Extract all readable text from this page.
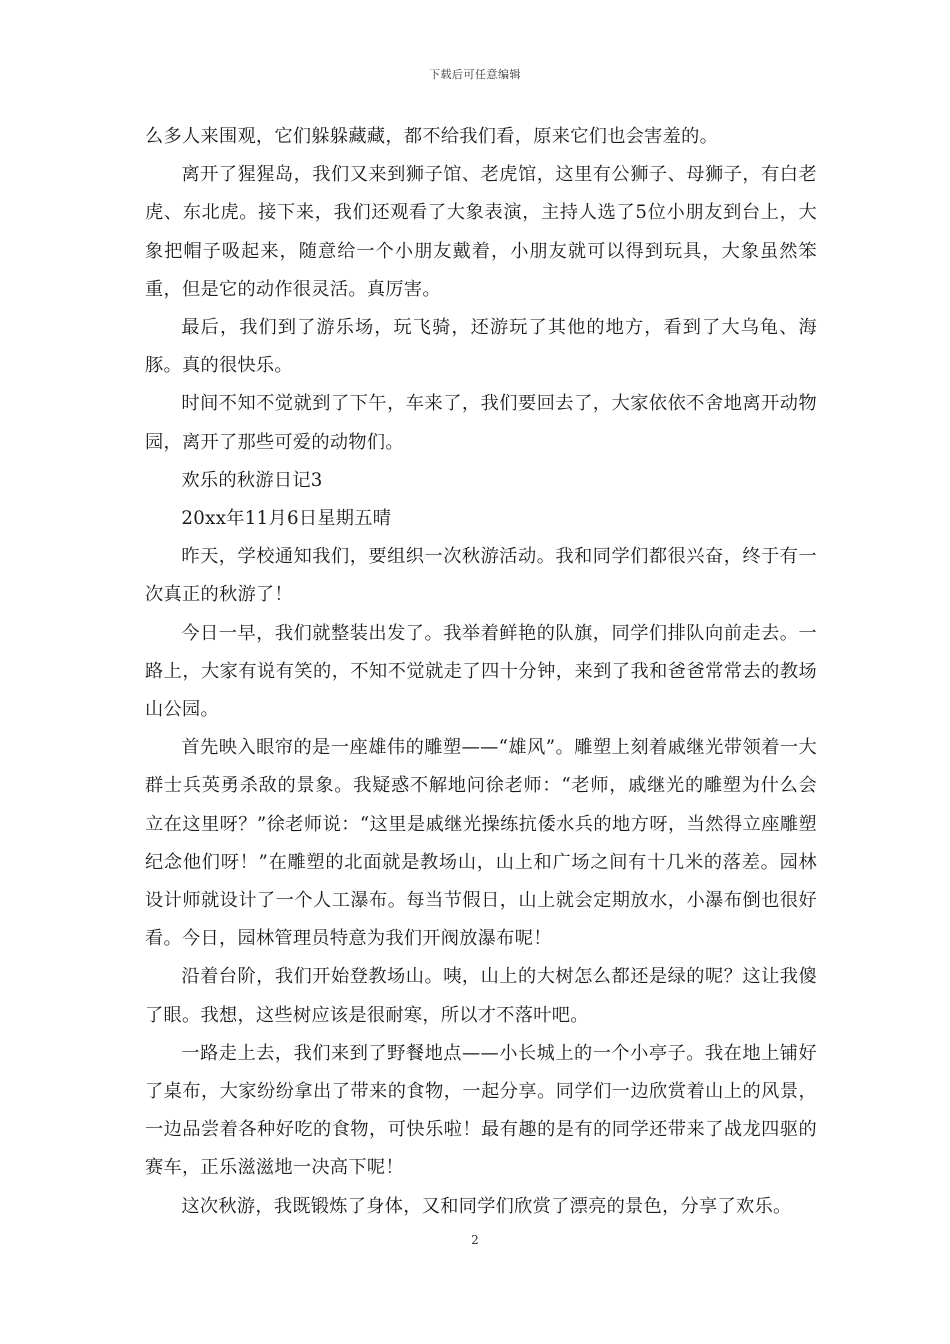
下载后可任意编辑

么多人来围观，它们躲躲藏藏，都不给我们看，原来它们也会害羞的。

离开了猩猩岛，我们又来到狮子馆、老虎馆，这里有公狮子、母狮子，有白老虎、东北虎。接下来，我们还观看了大象表演，主持人选了5位小朋友到台上，大象把帽子吸起来，随意给一个小朋友戴着，小朋友就可以得到玩具，大象虽然笨重，但是它的动作很灵活。真厉害。

最后，我们到了游乐场，玩飞骑，还游玩了其他的地方，看到了大乌龟、海豚。真的很快乐。

时间不知不觉就到了下午，车来了，我们要回去了，大家依依不舍地离开动物园，离开了那些可爱的动物们。

欢乐的秋游日记3

20xx年11月6日星期五晴

昨天，学校通知我们，要组织一次秋游活动。我和同学们都很兴奋，终于有一次真正的秋游了！

今日一早，我们就整装出发了。我举着鲜艳的队旗，同学们排队向前走去。一路上，大家有说有笑的，不知不觉就走了四十分钟，来到了我和爸爸常常去的教场山公园。

首先映入眼帘的是一座雄伟的雕塑——“雄风”。雕塑上刻着戚继光带领着一大群士兵英勇杀敌的景象。我疑惑不解地问徐老师：“老师，戚继光的雕塑为什么会立在这里呀？”徐老师说：“这里是戚继光操练抗倭水兵的地方呀，当然得立座雕塑纪念他们呀！”在雕塑的北面就是教场山，山上和广场之间有十几米的落差。园林设计师就设计了一个人工瀑布。每当节假日，山上就会定期放水，小瀑布倒也很好看。今日，园林管理员特意为我们开阀放瀑布呢！

沿着台阶，我们开始登教场山。咦，山上的大树怎么都还是绿的呢？这让我傻了眼。我想，这些树应该是很耐寒，所以才不落叶吧。

一路走上去，我们来到了野餐地点——小长城上的一个小亭子。我在地上铺好了桌布，大家纷纷拿出了带来的食物，一起分享。同学们一边欣赏着山上的风景，一边品尝着各种好吃的食物，可快乐啦！最有趣的是有的同学还带来了战龙四驱的赛车，正乐滋滋地一决高下呢！

这次秋游，我既锻炼了身体，又和同学们欣赏了漂亮的景色，分享了欢乐。

2
